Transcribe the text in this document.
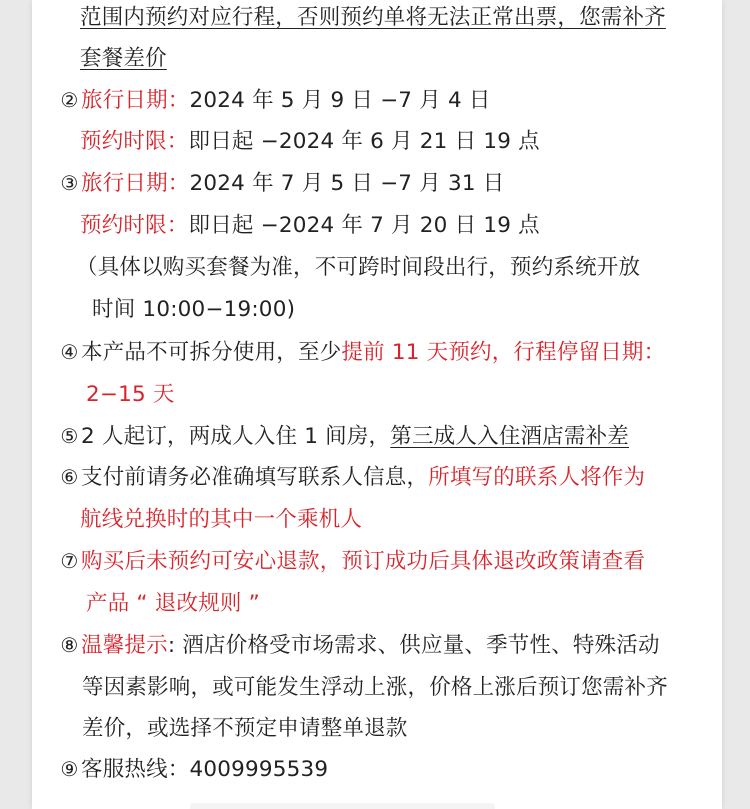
范围内预约对应行程，否则预约单将无法正常出票，您需补齐
套餐差价
② 旅行日期：2024 年 5 月 9 日 −7 月 4 日
预约时限：即日起 −2024 年 6 月 21 日 19 点
③ 旅行日期：2024 年 7 月 5 日 −7 月 31 日
预约时限：即日起 −2024 年 7 月 20 日 19 点
（具体以购买套餐为准，不可跨时间段出行，预约系统开放
时间 10:00−19:00)
④ 本产品不可拆分使用，至少提前 11 天预约，行程停留日期：
2−15 天
⑤ 2 人起订，两成人入住 1 间房，第三成人入住酒店需补差
⑥ 支付前请务必准确填写联系人信息，所填写的联系人将作为
航线兑换时的其中一个乘机人
⑦ 购买后未预约可安心退款，预订成功后具体退改政策请查看
产品 “ 退改规则 ”
⑧ 温馨提示: 酒店价格受市场需求、供应量、季节性、特殊活动
等因素影响，或可能发生浮动上涨，价格上涨后预订您需补齐
差价，或选择不预定申请整单退款
⑨ 客服热线：4009995539
